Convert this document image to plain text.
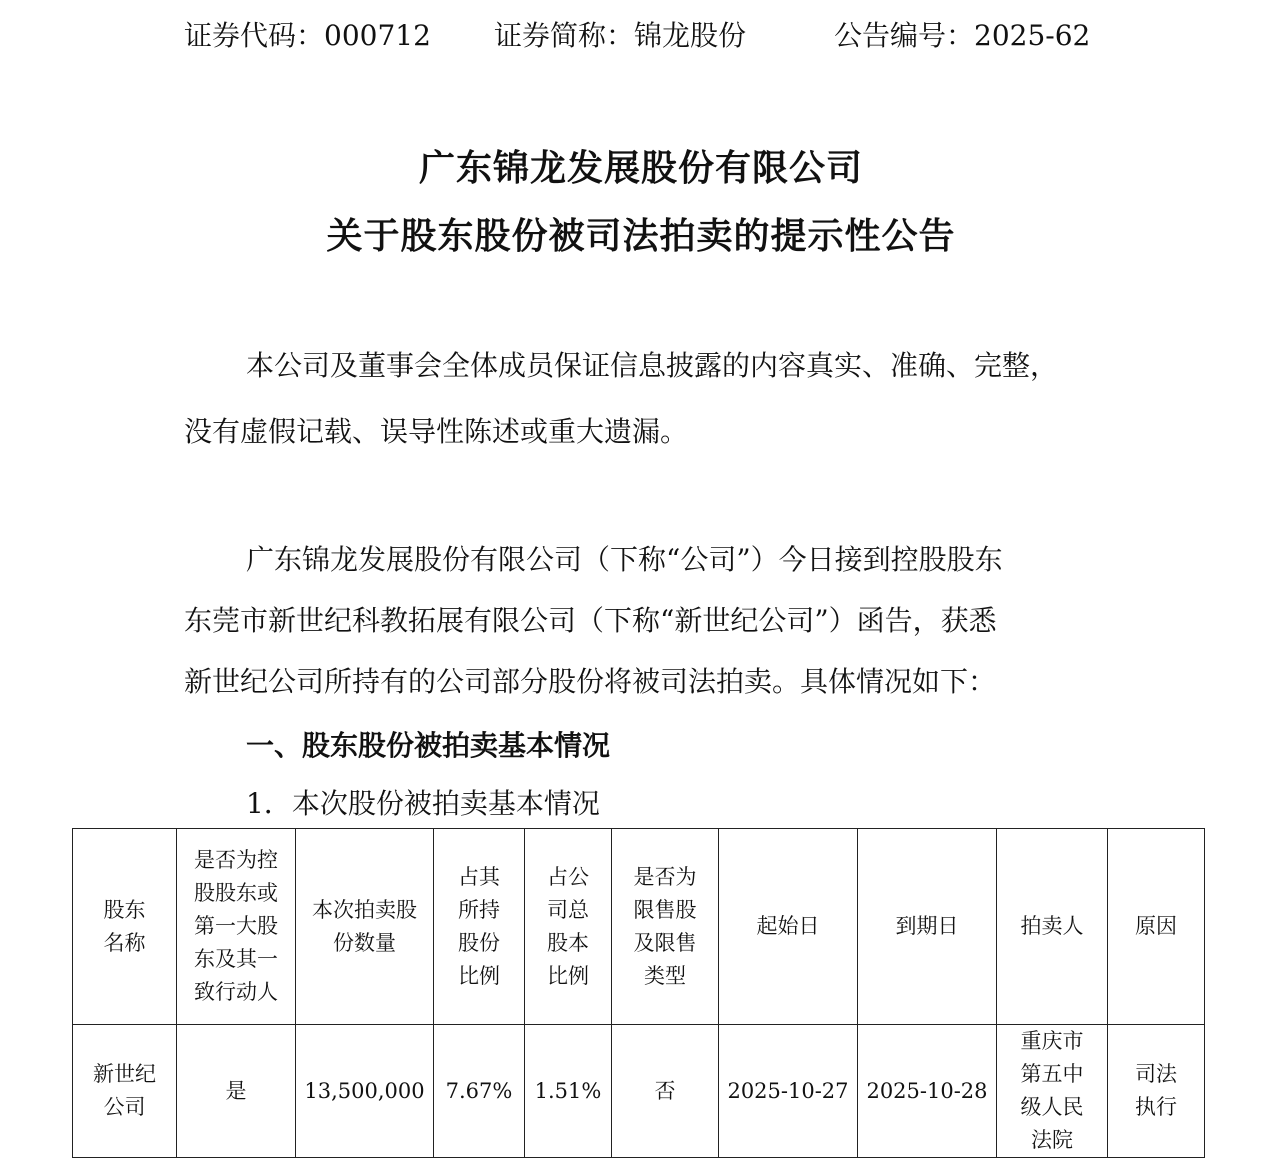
证券代码：000712 证券简称：锦龙股份	公告编号：2025-62
广东锦龙发展股份有限公司
关于股东股份被司法拍卖的提示性公告
本公司及董事会全体成员保证信息披露的内容真实、准确、完整，
没有虚假记载、误导性陈述或重大遗漏。
广东锦龙发展股份有限公司（下称“公司”）今日接到控股股东
东莞市新世纪科教拓展有限公司（下称“新世纪公司”）函告，获悉
新世纪公司所持有的公司部分股份将被司法拍卖。具体情况如下：
一、股东股份被拍卖基本情况
1．本次股份被拍卖基本情况
股东名称	是否为控股股东或第一大股东及其一致行动人	本次拍卖股份数量	占其所持股份比例	占公司总股本比例	是否为限售股及限售类型	起始日	到期日	拍卖人	原因
新世纪公司	是	13,500,000	7.67%	1.51%	否	2025-10-27	2025-10-28	重庆市第五中级人民法院	司法执行
